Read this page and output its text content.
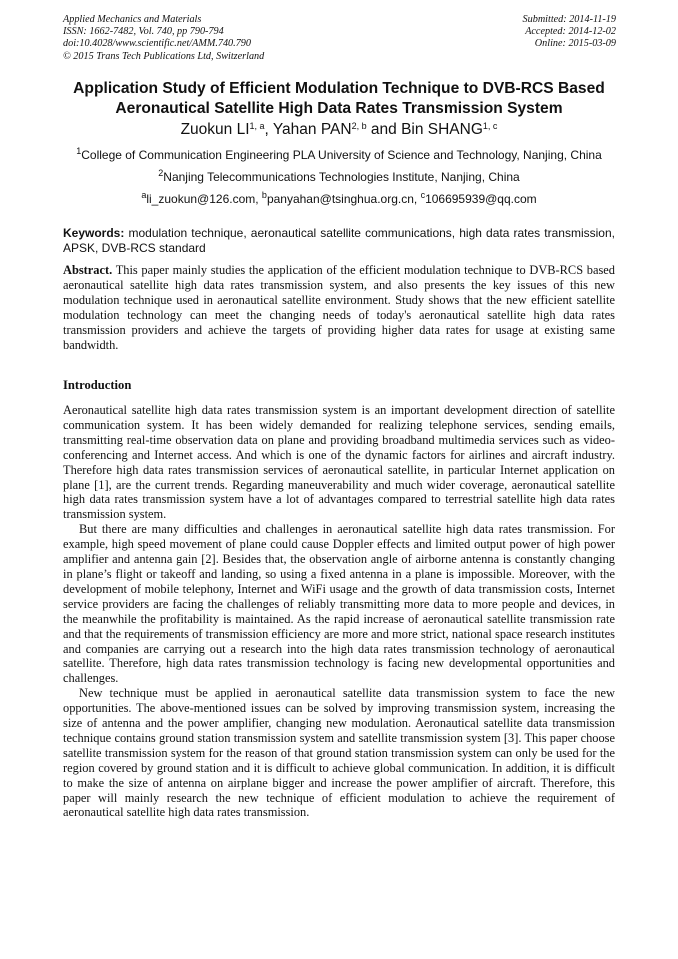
Applied Mechanics and Materials
ISSN: 1662-7482, Vol. 740, pp 790-794
doi:10.4028/www.scientific.net/AMM.740.790
© 2015 Trans Tech Publications Ltd, Switzerland
Submitted: 2014-11-19
Accepted: 2014-12-02
Online: 2015-03-09
Application Study of Efficient Modulation Technique to DVB-RCS Based
Aeronautical Satellite High Data Rates Transmission System
Zuokun LI$^{1, a}$, Yahan PAN$^{2, b}$ and Bin SHANG$^{1, c}$
$^1$College of Communication Engineering PLA University of Science and Technology, Nanjing, China
$^2$Nanjing Telecommunications Technologies Institute, Nanjing, China
$^a$li_zuokun@126.com, $^b$panyahan@tsinghua.org.cn, $^c$106695939@qq.com
Keywords: modulation technique, aeronautical satellite communications, high data rates transmission, APSK, DVB-RCS standard
Abstract. This paper mainly studies the application of the efficient modulation technique to DVB-RCS based aeronautical satellite high data rates transmission system, and also presents the key issues of this new modulation technique used in aeronautical satellite environment. Study shows that the new efficient satellite modulation technology can meet the changing needs of today's aeronautical satellite high data rates transmission providers and achieve the targets of providing higher data rates for usage at existing same bandwidth.
Introduction

Aeronautical satellite high data rates transmission system is an important development direction of satellite communication system. It has been widely demanded for realizing telephone services, sending emails, transmitting real-time observation data on plane and providing broadband multimedia services such as video-conferencing and Internet access. And which is one of the dynamic factors for airlines and aircraft industry. Therefore high data rates transmission services of aeronautical satellite, in particular Internet application on plane [1], are the current trends. Regarding maneuverability and much wider coverage, aeronautical satellite high data rates transmission system have a lot of advantages compared to terrestrial satellite high data rates transmission system.

But there are many difficulties and challenges in aeronautical satellite high data rates transmission. For example, high speed movement of plane could cause Doppler effects and limited output power of high power amplifier and antenna gain [2]. Besides that, the observation angle of airborne antenna is constantly changing in plane’s flight or takeoff and landing, so using a fixed antenna in a plane is impossible. Moreover, with the development of mobile telephony, Internet and WiFi usage and the growth of data transmission costs, Internet service providers are facing the challenges of reliably transmitting more data to more people and devices, in the meanwhile the profitability is maintained. As the rapid increase of aeronautical satellite transmission rate and that the requirements of transmission efficiency are more and more strict, national space research institutes and companies are carrying out a research into the high data rates transmission technology of aeronautical satellite. Therefore, high data rates transmission technology is facing new developmental opportunities and challenges.

New technique must be applied in aeronautical satellite data transmission system to face the new opportunities. The above-mentioned issues can be solved by improving transmission system, increasing the size of antenna and the power amplifier, changing new modulation. Aeronautical satellite data transmission technique contains ground station transmission system and satellite transmission system [3]. This paper choose satellite transmission system for the reason of that ground station transmission system can only be used for the region covered by ground station and it is difficult to achieve global communication. In addition, it is difficult to make the size of antenna on airplane bigger and increase the power amplifier of aircraft. Therefore, this paper will mainly research the new technique of efficient modulation to achieve the requirement of aeronautical satellite high data rates transmission.
